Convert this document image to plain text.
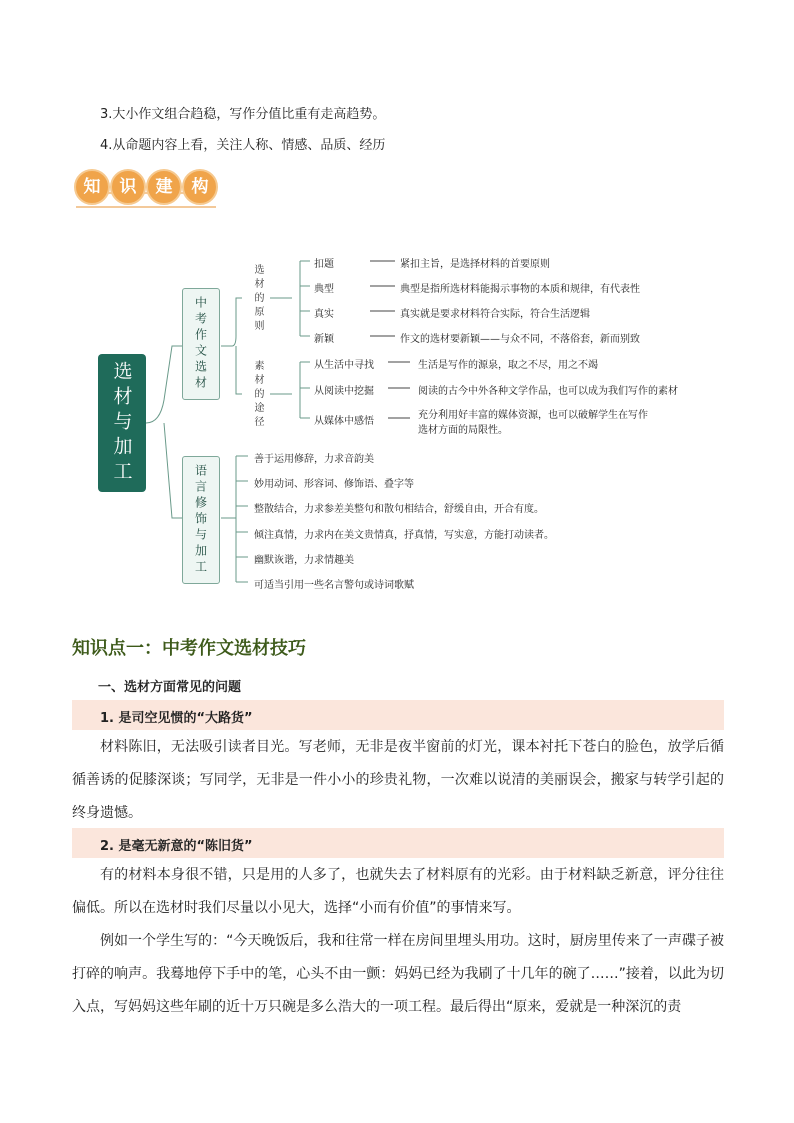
3.大小作文组合趋稳，写作分值比重有走高趋势。
4.从命题内容上看，关注人称、情感、品质、经历
知	识	建	构
选材与加工
中考作文选材
语言修饰与加工
选材的原则
素材的途径
扣题	紧扣主旨，是选择材料的首要原则
典型	典型是指所选材料能揭示事物的本质和规律，有代表性
真实	真实就是要求材料符合实际，符合生活逻辑
新颖	作文的选材要新颖——与众不同，不落俗套，新而别致
从生活中寻找	生活是写作的源泉，取之不尽，用之不竭
从阅读中挖掘	阅读的古今中外各种文学作品，也可以成为我们写作的素材
从媒体中感悟
充分利用好丰富的媒体资源，也可以破解学生在写作
选材方面的局限性。
善于运用修辞，力求音韵美
妙用动词、形容词、修饰语、叠字等
整散结合，力求参差美整句和散句相结合，舒缓自由，开合有度。
倾注真情，力求内在美文贵情真，抒真情，写实意，方能打动读者。
幽默诙谐，力求情趣美
可适当引用一些名言警句或诗词歌赋
知识点一：中考作文选材技巧
一、选材方面常见的问题
1. 是司空见惯的“大路货”

材料陈旧，无法吸引读者目光。写老师，无非是夜半窗前的灯光，课本衬托下苍白的脸色，放学后循循善诱的促膝深谈；写同学，无非是一件小小的珍贵礼物，一次难以说清的美丽误会，搬家与转学引起的终身遗憾。

2. 是毫无新意的“陈旧货”

有的材料本身很不错，只是用的人多了，也就失去了材料原有的光彩。由于材料缺乏新意，评分往往偏低。所以在选材时我们尽量以小见大，选择“小而有价值”的事情来写。

例如一个学生写的：“今天晚饭后，我和往常一样在房间里埋头用功。这时，厨房里传来了一声碟子被打碎的响声。我蓦地停下手中的笔，心头不由一颤：妈妈已经为我刷了十几年的碗了……”接着，以此为切入点，写妈妈这些年刷的近十万只碗是多么浩大的一项工程。最后得出“原来，爱就是一种深沉的责
